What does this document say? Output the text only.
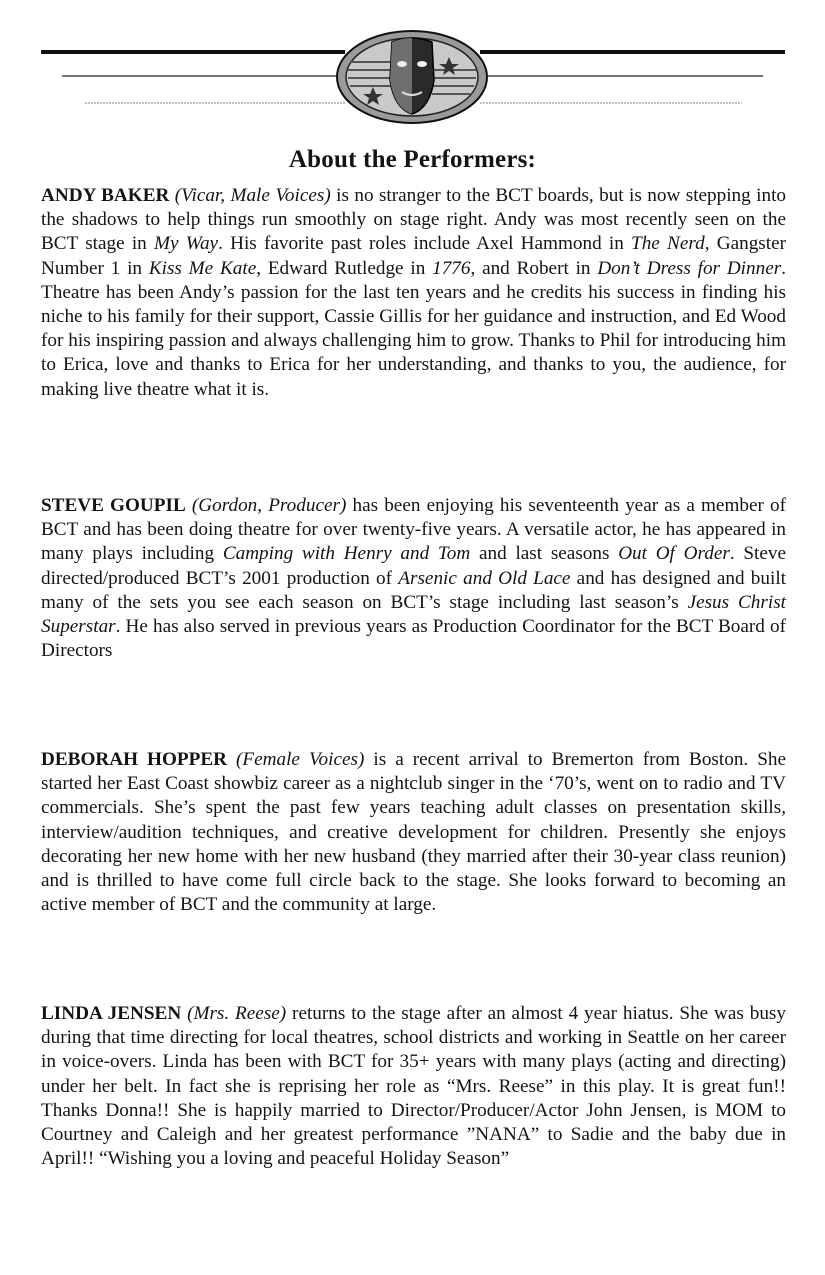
About the Performers:

ANDY BAKER (Vicar, Male Voices) is no stranger to the BCT boards, but is now stepping into the shadows to help things run smoothly on stage right. Andy was most recently seen on the BCT stage in My Way. His favorite past roles include Axel Hammond in The Nerd, Gangster Number 1 in Kiss Me Kate, Edward Rutledge in 1776, and Robert in Don’t Dress for Dinner. Theatre has been Andy’s passion for the last ten years and he credits his success in finding his niche to his family for their support, Cassie Gillis for her guidance and instruction, and Ed Wood for his inspiring passion and always challenging him to grow. Thanks to Phil for introducing him to Erica, love and thanks to Erica for her understanding, and thanks to you, the audience, for making live theatre what it is.

STEVE GOUPIL (Gordon, Producer) has been enjoying his seventeenth year as a member of BCT and has been doing theatre for over twenty-five years. A versatile actor, he has appeared in many plays including Camping with Henry and Tom and last seasons Out Of Order. Steve directed/produced BCT’s 2001 production of Arsenic and Old Lace and has designed and built many of the sets you see each season on BCT’s stage including last season’s Jesus Christ Superstar. He has also served in previous years as Production Coordinator for the BCT Board of Directors

DEBORAH HOPPER (Female Voices) is a recent arrival to Bremerton from Boston. She started her East Coast showbiz career as a nightclub singer in the ‘70’s, went on to radio and TV commercials. She’s spent the past few years teaching adult classes on presentation skills, interview/audition techniques, and creative development for children. Presently she enjoys decorating her new home with her new husband (they married after their 30-year class reunion) and is thrilled to have come full circle back to the stage. She looks forward to becoming an active member of BCT and the community at large.

LINDA JENSEN (Mrs. Reese) returns to the stage after an almost 4 year hiatus. She was busy during that time directing for local theatres, school districts and working in Seattle on her career in voice-overs. Linda has been with BCT for 35+ years with many plays (acting and directing) under her belt. In fact she is reprising her role as “Mrs. Reese” in this play. It is great fun!! Thanks Donna!! She is happily married to Director/Producer/Actor John Jensen, is MOM to Courtney and Caleigh and her greatest performance ”NANA” to Sadie and the baby due in April!! “Wishing you a loving and peaceful Holiday Season”
